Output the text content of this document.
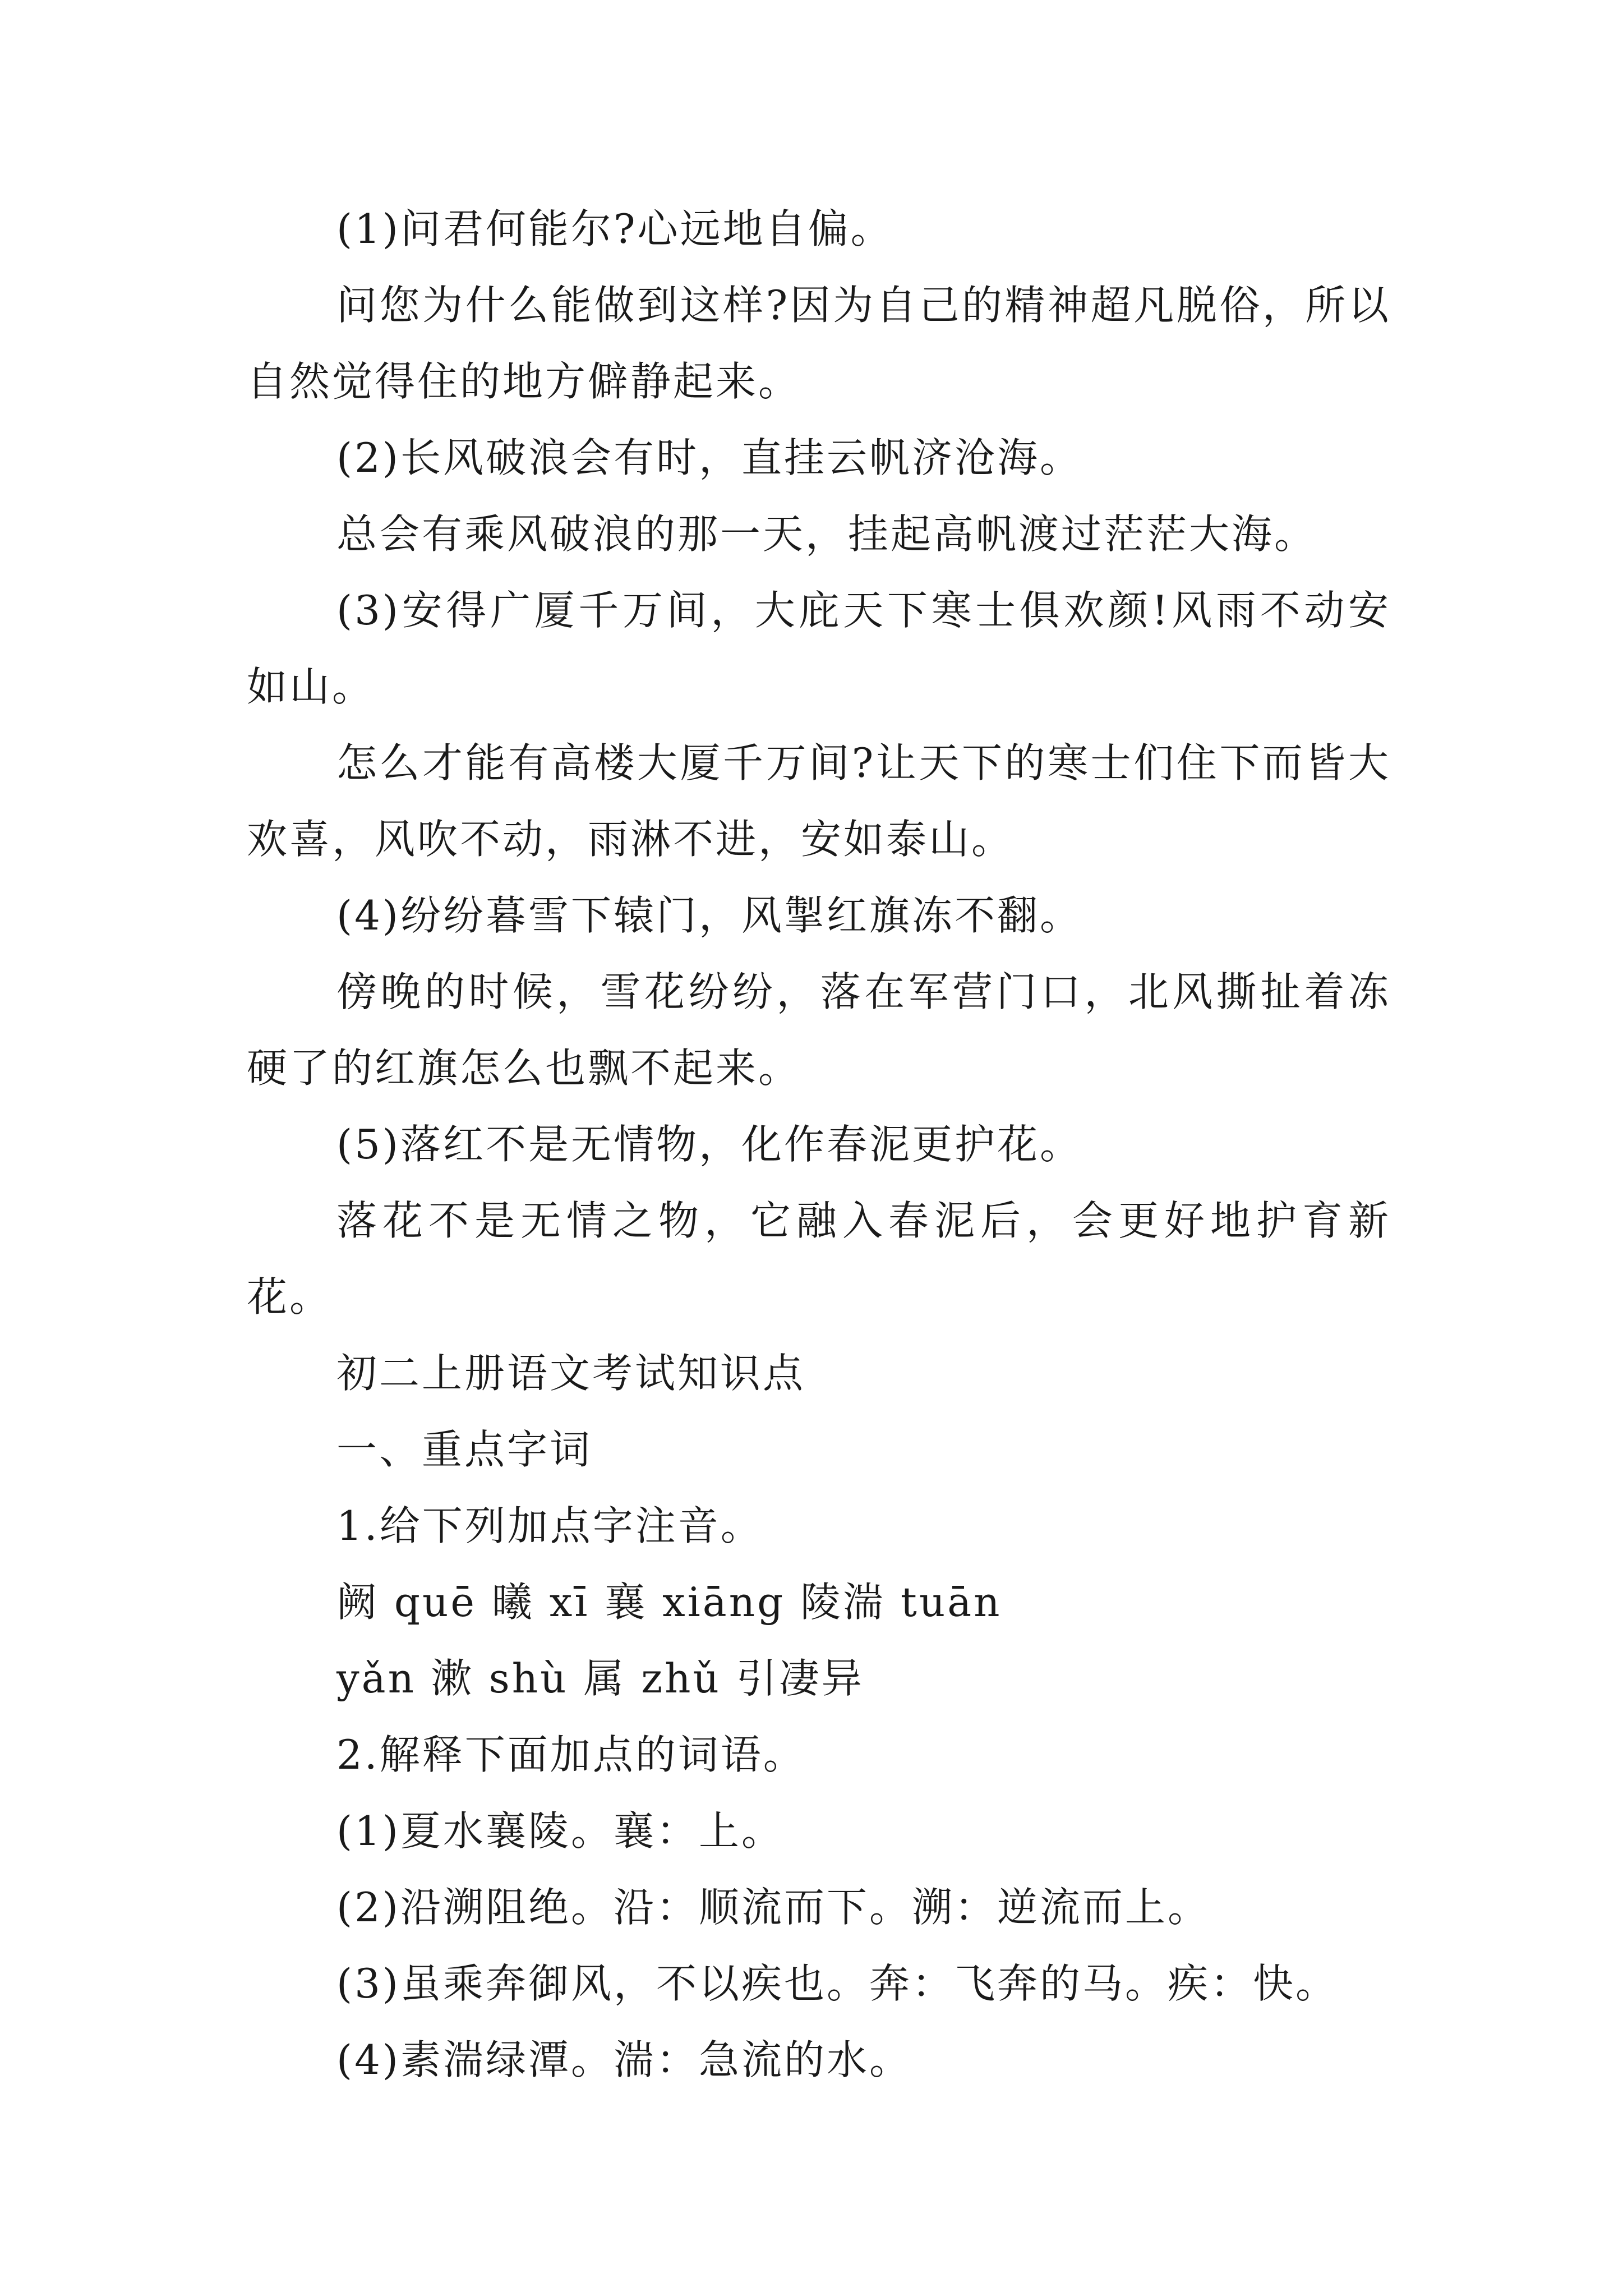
(1)问君何能尔?心远地自偏。

问您为什么能做到这样?因为自己的精神超凡脱俗，所以自然觉得住的地方僻静起来。

(2)长风破浪会有时，直挂云帆济沧海。

总会有乘风破浪的那一天，挂起高帆渡过茫茫大海。

(3)安得广厦千万间，大庇天下寒士俱欢颜!风雨不动安如山。

怎么才能有高楼大厦千万间?让天下的寒士们住下而皆大欢喜，风吹不动，雨淋不进，安如泰山。

(4)纷纷暮雪下辕门，风掣红旗冻不翻。

傍晚的时候，雪花纷纷，落在军营门口，北风撕扯着冻硬了的红旗怎么也飘不起来。

(5)落红不是无情物，化作春泥更护花。

落花不是无情之物，它融入春泥后，会更好地护育新花。

初二上册语文考试知识点

一、重点字词

1.给下列加点字注音。

阙 quē 曦 xī 襄 xiāng 陵湍 tuān

yǎn 漱 shù 属 zhǔ 引凄异

2.解释下面加点的词语。

(1)夏水襄陵。襄：上。

(2)沿溯阻绝。沿：顺流而下。溯：逆流而上。

(3)虽乘奔御风，不以疾也。奔：飞奔的马。疾：快。

(4)素湍绿潭。湍：急流的水。
